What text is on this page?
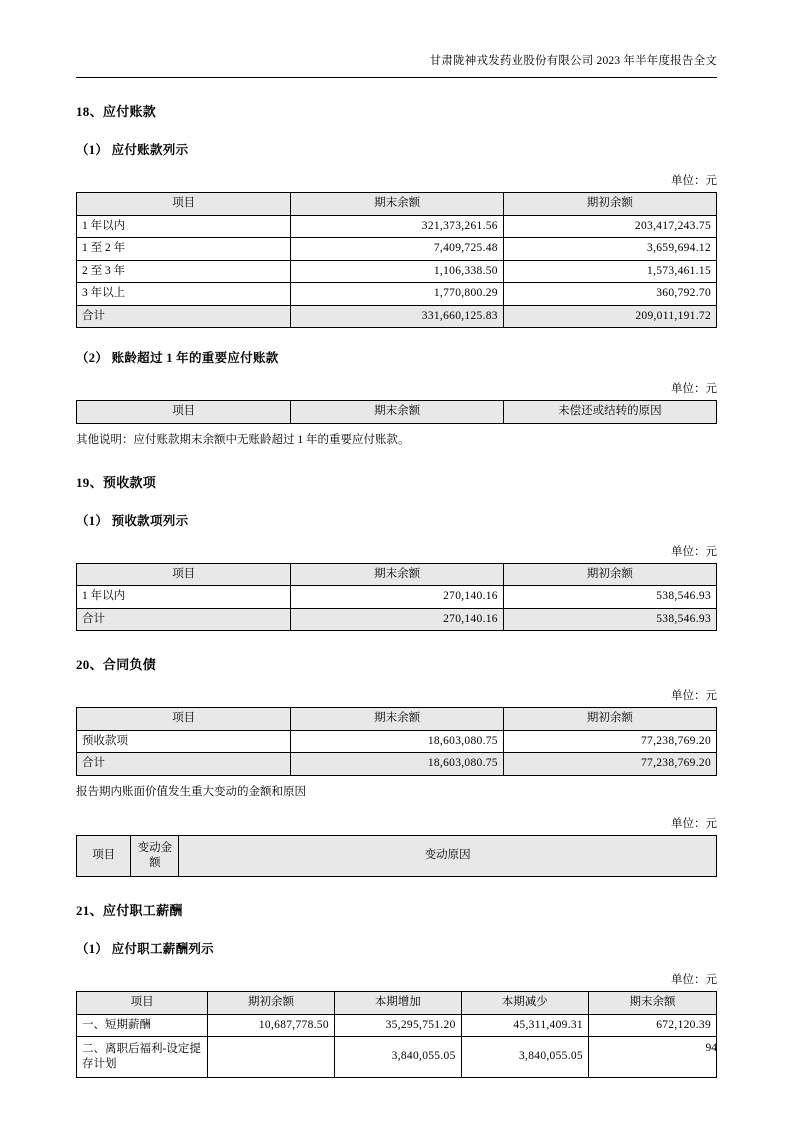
甘肃陇神戎发药业股份有限公司 2023 年半年度报告全文
18、应付账款
（1） 应付账款列示
单位：元
项目	期末余额	期初余额
1 年以内	321,373,261.56	203,417,243.75
1 至 2 年	7,409,725.48	3,659,694.12
2 至 3 年	1,106,338.50	1,573,461.15
3 年以上	1,770,800.29	360,792.70
合计	331,660,125.83	209,011,191.72
（2） 账龄超过 1 年的重要应付账款
单位：元
项目	期末余额	未偿还或结转的原因

其他说明：应付账款期末余额中无账龄超过 1 年的重要应付账款。

19、预收款项
（1） 预收款项列示
单位：元
项目	期末余额	期初余额
1 年以内	270,140.16	538,546.93
合计	270,140.16	538,546.93
20、合同负债
单位：元
项目	期末余额	期初余额
预收款项	18,603,080.75	77,238,769.20
合计	18,603,080.75	77,238,769.20

报告期内账面价值发生重大变动的金额和原因

单位：元
项目	变动金额	变动原因
21、应付职工薪酬
（1） 应付职工薪酬列示
单位：元
项目	期初余额	本期增加	本期减少	期末余额
一、短期薪酬	10,687,778.50	35,295,751.20	45,311,409.31	672,120.39
二、离职后福利-设定提存计划		3,840,055.05	3,840,055.05	
94
